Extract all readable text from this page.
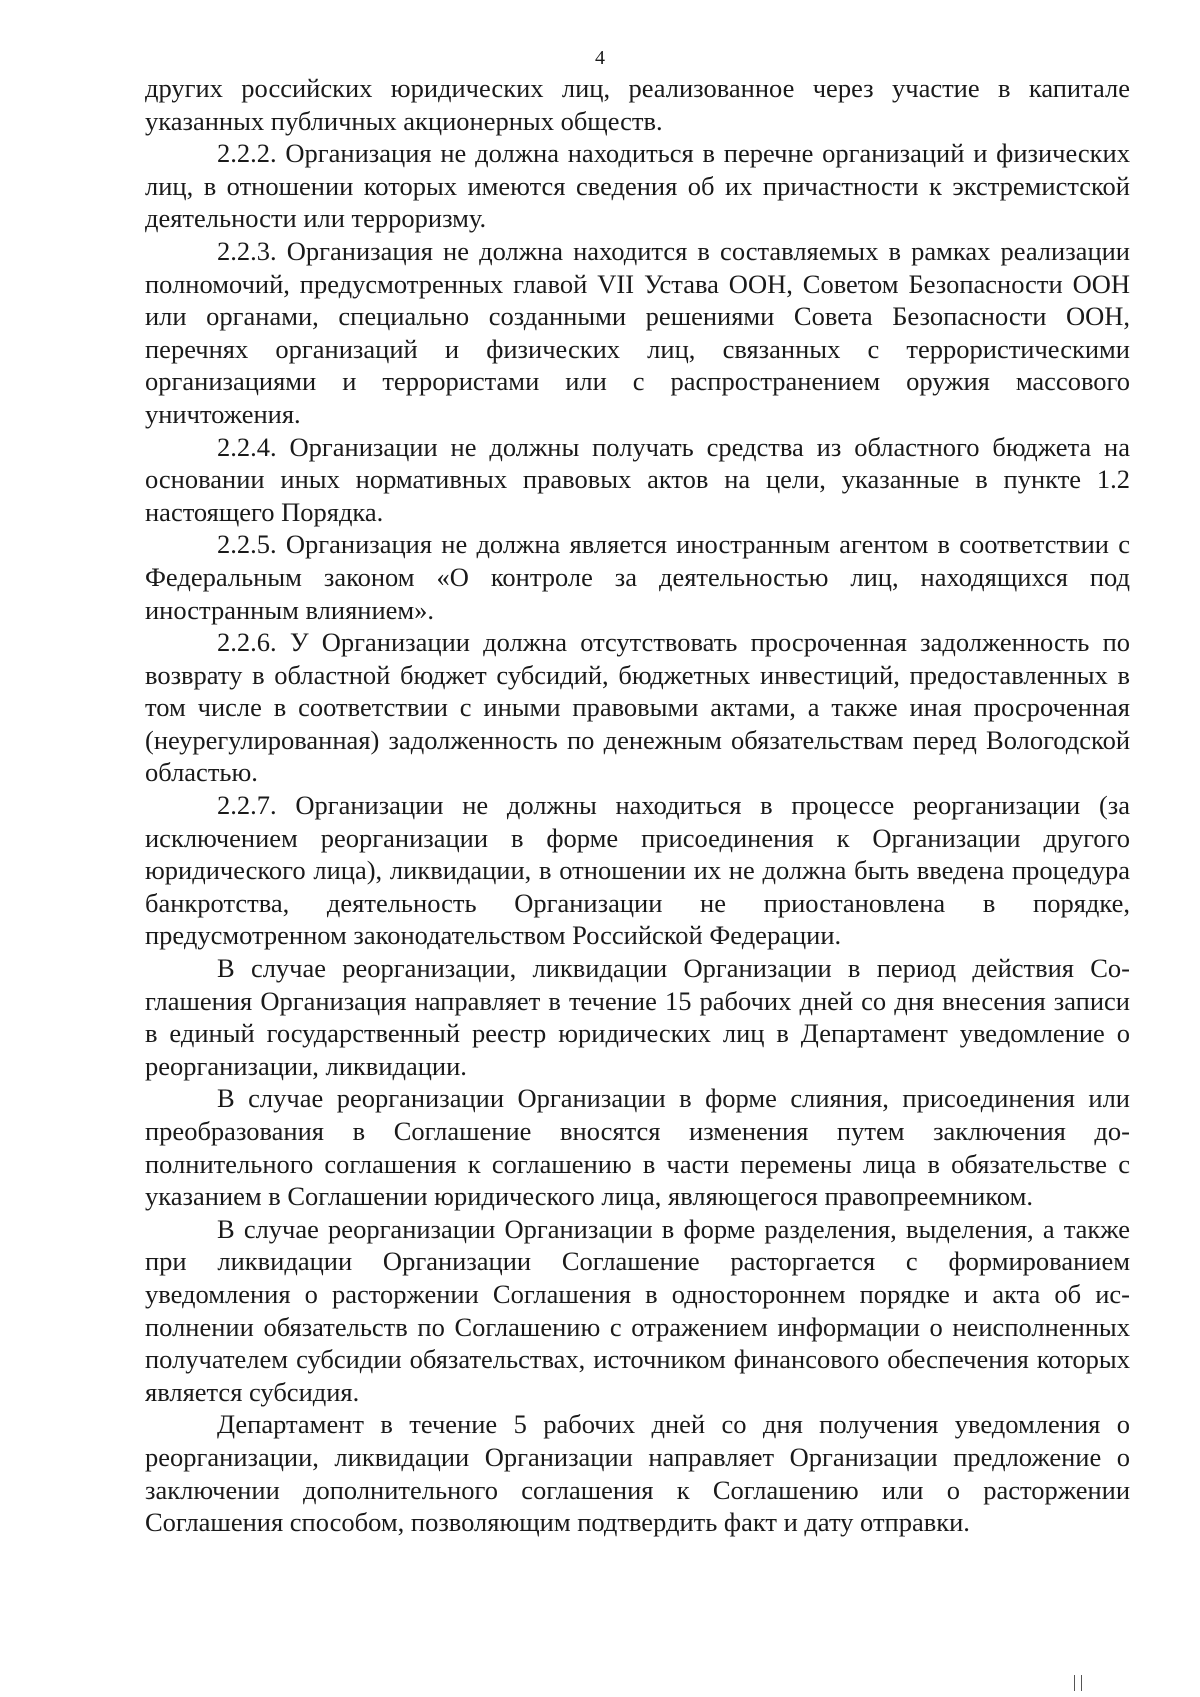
4

других российских юридических лиц, реализованное через участие в капитале указанных публичных акционерных обществ.

2.2.2. Организация не должна находиться в перечне организаций и физических лиц, в отношении которых имеются сведения об их причастности к экстремистской деятельности или терроризму.

2.2.3. Организация не должна находится в составляемых в рамках реализации полномочий, предусмотренных главой VII Устава ООН, Советом Безопасности ООН или органами, специально созданными решениями Совета Безопасности ООН, перечнях организаций и физических лиц, связанных с террористическими организациями и террористами или с распространением оружия массового уничтожения.

2.2.4. Организации не должны получать средства из областного бюджета на основании иных нормативных правовых актов на цели, указанные в пункте 1.2 настоящего Порядка.

2.2.5. Организация не должна является иностранным агентом в соответствии с Федеральным законом «О контроле за деятельностью лиц, находящихся под иностранным влиянием».

2.2.6. У Организации должна отсутствовать просроченная задолженность по возврату в областной бюджет субсидий, бюджетных инвестиций, предоставленных в том числе в соответствии с иными правовыми актами, а также иная просроченная (неурегулированная) задолженность по денежным обязательствам перед Вологодской областью.

2.2.7. Организации не должны находиться в процессе реорганизации (за исключением реорганизации в форме присоединения к Организации другого юридического лица), ликвидации, в отношении их не должна быть введена процедура банкротства, деятельность Организации не приостановлена в порядке, предусмотренном законодательством Российской Федерации.

В случае реорганизации, ликвидации Организации в период действия Соглашения Организация направляет в течение 15 рабочих дней со дня внесения записи в единый государственный реестр юридических лиц в Департамент уведомление о реорганизации, ликвидации.

В случае реорганизации Организации в форме слияния, присоединения или преобразования в Соглашение вносятся изменения путем заключения дополнительного соглашения к соглашению в части перемены лица в обязательстве с указанием в Соглашении юридического лица, являющегося правопреемником.

В случае реорганизации Организации в форме разделения, выделения, а также при ликвидации Организации Соглашение расторгается с формированием уведомления о расторжении Соглашения в одностороннем порядке и акта об исполнении обязательств по Соглашению с отражением информации о неисполненных получателем субсидии обязательствах, источником финансового обеспечения которых является субсидия.

Департамент в течение 5 рабочих дней со дня получения уведомления о реорганизации, ликвидации Организации направляет Организации предложение о заключении дополнительного соглашения к Соглашению или о расторжении Соглашения способом, позволяющим подтвердить факт и дату отправки.
